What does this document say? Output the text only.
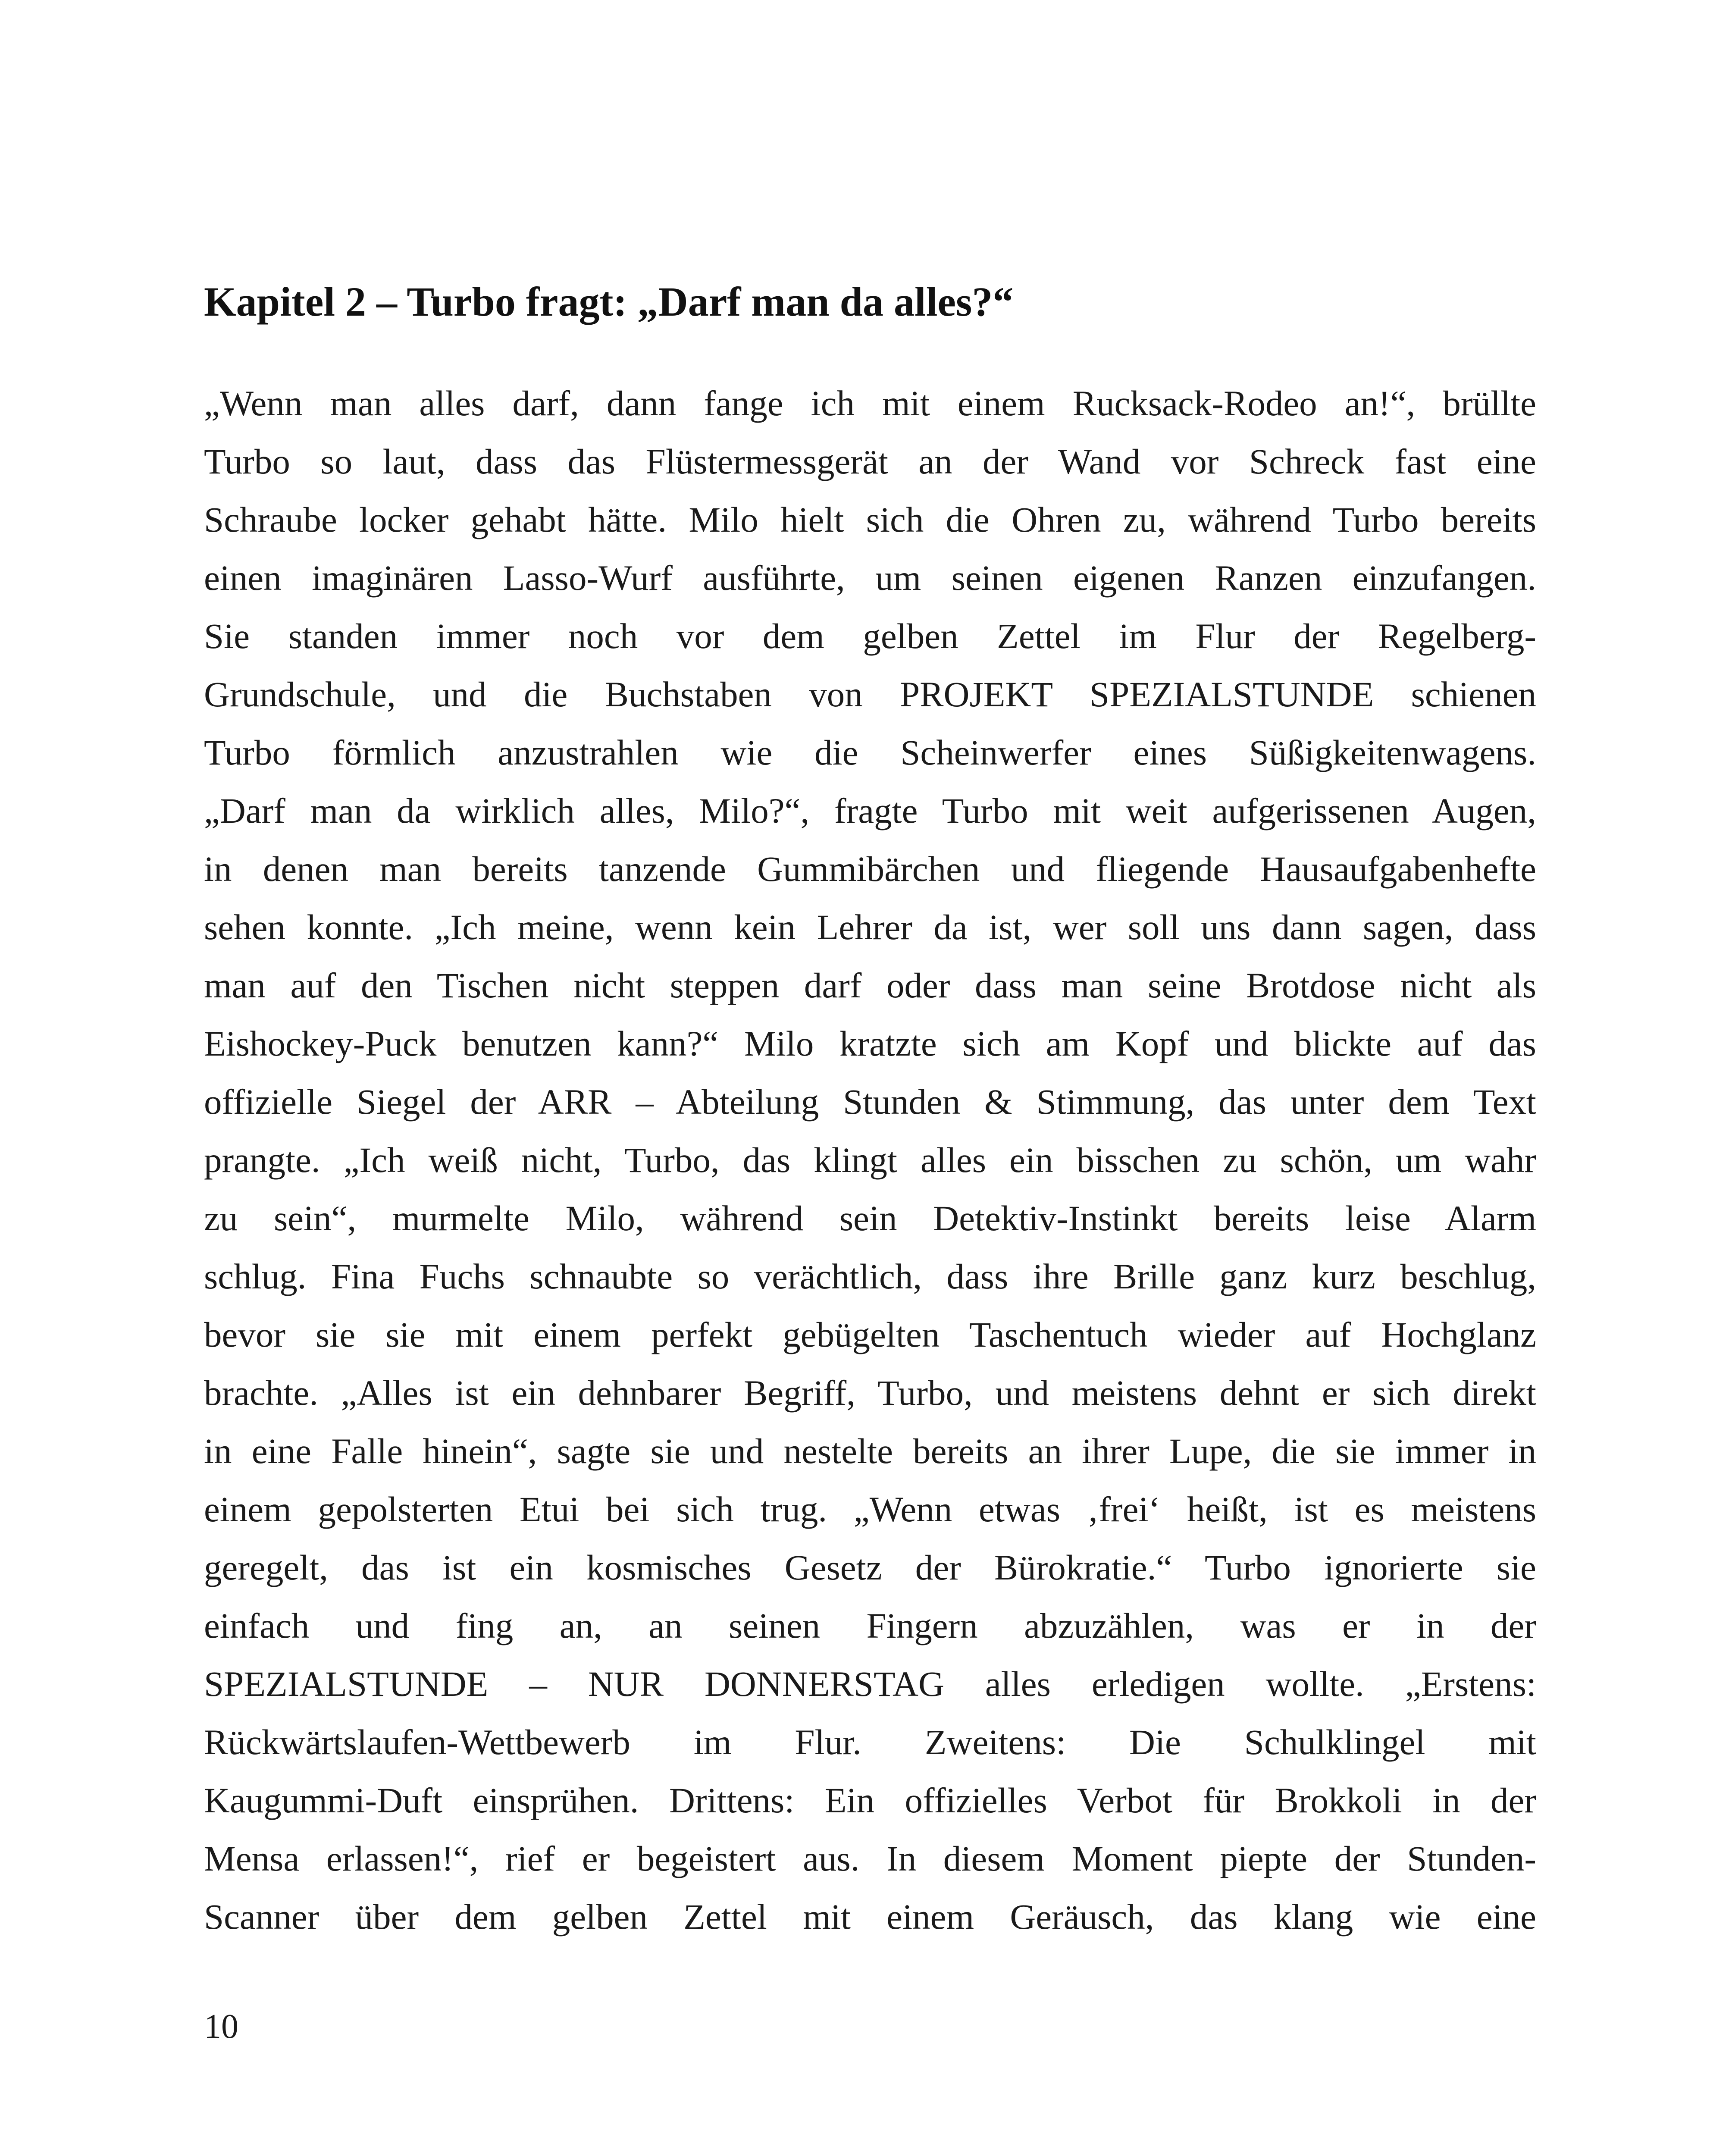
Kapitel 2 – Turbo fragt: „Darf man da alles?“
„Wenn man alles darf, dann fange ich mit einem Rucksack-Rodeo an!“, brüllte
Turbo so laut, dass das Flüstermessgerät an der Wand vor Schreck fast eine
Schraube locker gehabt hätte. Milo hielt sich die Ohren zu, während Turbo bereits
einen imaginären Lasso-Wurf ausführte, um seinen eigenen Ranzen einzufangen.
Sie standen immer noch vor dem gelben Zettel im Flur der Regelberg-
Grundschule, und die Buchstaben von PROJEKT SPEZIALSTUNDE schienen
Turbo förmlich anzustrahlen wie die Scheinwerfer eines Süßigkeitenwagens.
„Darf man da wirklich alles, Milo?“, fragte Turbo mit weit aufgerissenen Augen,
in denen man bereits tanzende Gummibärchen und fliegende Hausaufgabenhefte
sehen konnte. „Ich meine, wenn kein Lehrer da ist, wer soll uns dann sagen, dass
man auf den Tischen nicht steppen darf oder dass man seine Brotdose nicht als
Eishockey-Puck benutzen kann?“ Milo kratzte sich am Kopf und blickte auf das
offizielle Siegel der ARR – Abteilung Stunden & Stimmung, das unter dem Text
prangte. „Ich weiß nicht, Turbo, das klingt alles ein bisschen zu schön, um wahr
zu sein“, murmelte Milo, während sein Detektiv-Instinkt bereits leise Alarm
schlug. Fina Fuchs schnaubte so verächtlich, dass ihre Brille ganz kurz beschlug,
bevor sie sie mit einem perfekt gebügelten Taschentuch wieder auf Hochglanz
brachte. „Alles ist ein dehnbarer Begriff, Turbo, und meistens dehnt er sich direkt
in eine Falle hinein“, sagte sie und nestelte bereits an ihrer Lupe, die sie immer in
einem gepolsterten Etui bei sich trug. „Wenn etwas ‚frei‘ heißt, ist es meistens
geregelt, das ist ein kosmisches Gesetz der Bürokratie.“ Turbo ignorierte sie
einfach und fing an, an seinen Fingern abzuzählen, was er in der
SPEZIALSTUNDE – NUR DONNERSTAG alles erledigen wollte. „Erstens:
Rückwärtslaufen-Wettbewerb im Flur. Zweitens: Die Schulklingel mit
Kaugummi-Duft einsprühen. Drittens: Ein offizielles Verbot für Brokkoli in der
Mensa erlassen!“, rief er begeistert aus. In diesem Moment piepte der Stunden-
Scanner über dem gelben Zettel mit einem Geräusch, das klang wie eine
10
